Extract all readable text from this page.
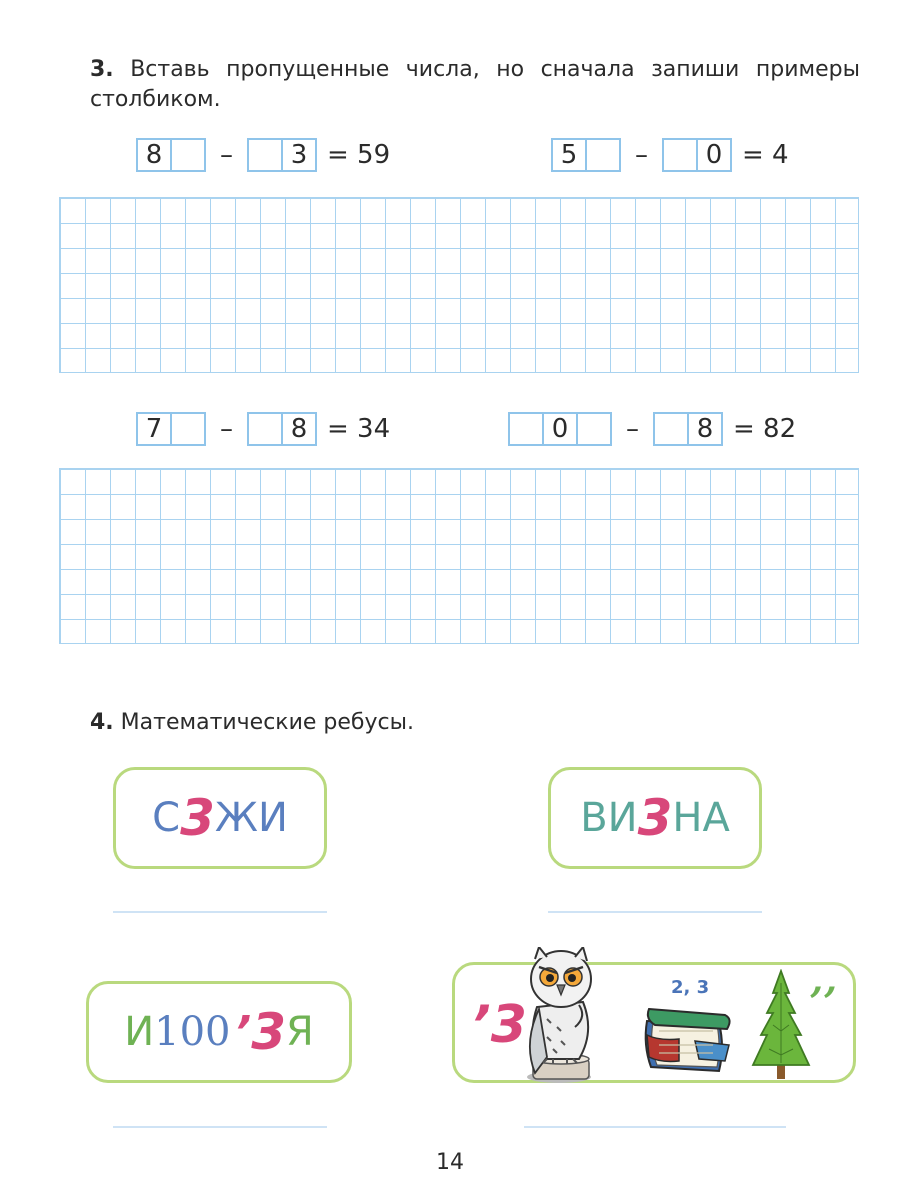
3. Вставь пропущенные числа, но сначала запиши примеры столбиком.
8 –	3 = 59	5 –	0 = 4
7 –	8 = 34	0 –	8 = 82
4. Математические ребусы.
С 3 ЖИ	ВИ 3 НА
И 100 ’ 3 Я	’3
2, 3 ’’
14
